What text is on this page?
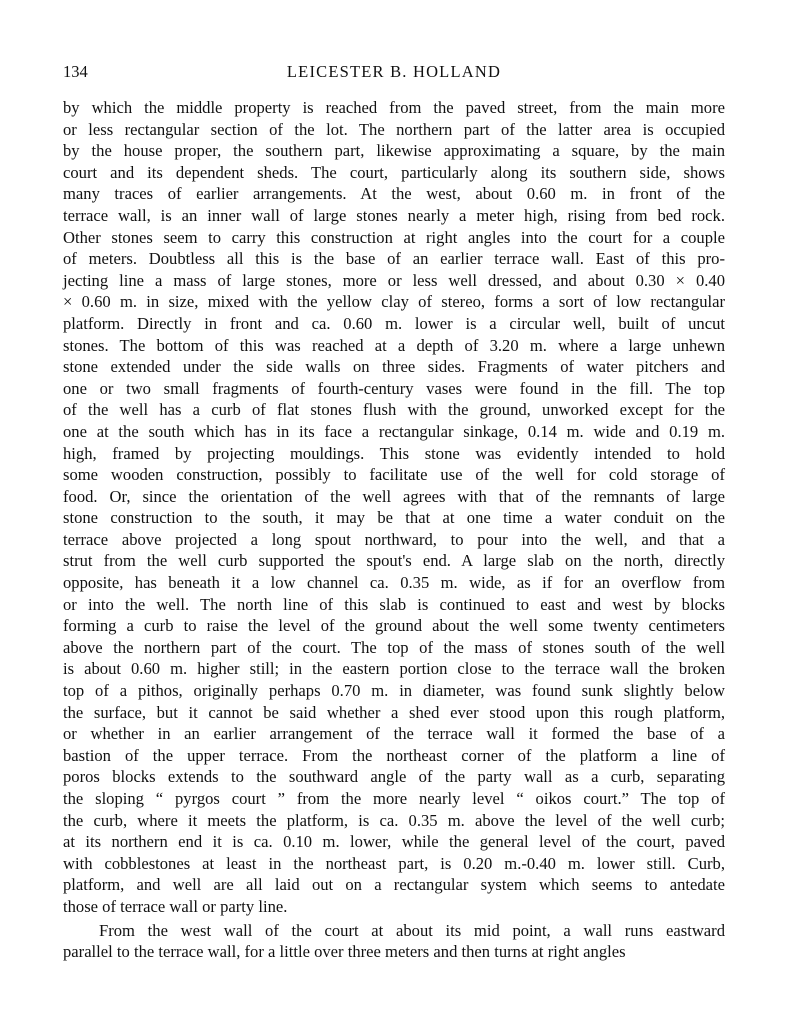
134	LEICESTER B. HOLLAND
by which the middle property is reached from the paved street, from the main more
or less rectangular section of the lot. The northern part of the latter area is occupied
by the house proper, the southern part, likewise approximating a square, by the main
court and its dependent sheds. The court, particularly along its southern side, shows
many traces of earlier arrangements. At the west, about 0.60 m. in front of the
terrace wall, is an inner wall of large stones nearly a meter high, rising from bed rock.
Other stones seem to carry this construction at right angles into the court for a couple
of meters. Doubtless all this is the base of an earlier terrace wall. East of this pro-
jecting line a mass of large stones, more or less well dressed, and about 0.30 × 0.40
× 0.60 m. in size, mixed with the yellow clay of stereo, forms a sort of low rectangular
platform. Directly in front and ca. 0.60 m. lower is a circular well, built of uncut
stones. The bottom of this was reached at a depth of 3.20 m. where a large unhewn
stone extended under the side walls on three sides. Fragments of water pitchers and
one or two small fragments of fourth-century vases were found in the fill. The top
of the well has a curb of flat stones flush with the ground, unworked except for the
one at the south which has in its face a rectangular sinkage, 0.14 m. wide and 0.19 m.
high, framed by projecting mouldings. This stone was evidently intended to hold
some wooden construction, possibly to facilitate use of the well for cold storage of
food. Or, since the orientation of the well agrees with that of the remnants of large
stone construction to the south, it may be that at one time a water conduit on the
terrace above projected a long spout northward, to pour into the well, and that a
strut from the well curb supported the spout's end. A large slab on the north, directly
opposite, has beneath it a low channel ca. 0.35 m. wide, as if for an overflow from
or into the well. The north line of this slab is continued to east and west by blocks
forming a curb to raise the level of the ground about the well some twenty centimeters
above the northern part of the court. The top of the mass of stones south of the well
is about 0.60 m. higher still; in the eastern portion close to the terrace wall the broken
top of a pithos, originally perhaps 0.70 m. in diameter, was found sunk slightly below
the surface, but it cannot be said whether a shed ever stood upon this rough platform,
or whether in an earlier arrangement of the terrace wall it formed the base of a
bastion of the upper terrace. From the northeast corner of the platform a line of
poros blocks extends to the southward angle of the party wall as a curb, separating
the sloping “ pyrgos court ” from the more nearly level “ oikos court.” The top of
the curb, where it meets the platform, is ca. 0.35 m. above the level of the well curb;
at its northern end it is ca. 0.10 m. lower, while the general level of the court, paved
with cobblestones at least in the northeast part, is 0.20 m.-0.40 m. lower still. Curb,
platform, and well are all laid out on a rectangular system which seems to antedate
those of terrace wall or party line.
From the west wall of the court at about its mid point, a wall runs eastward
parallel to the terrace wall, for a little over three meters and then turns at right angles
